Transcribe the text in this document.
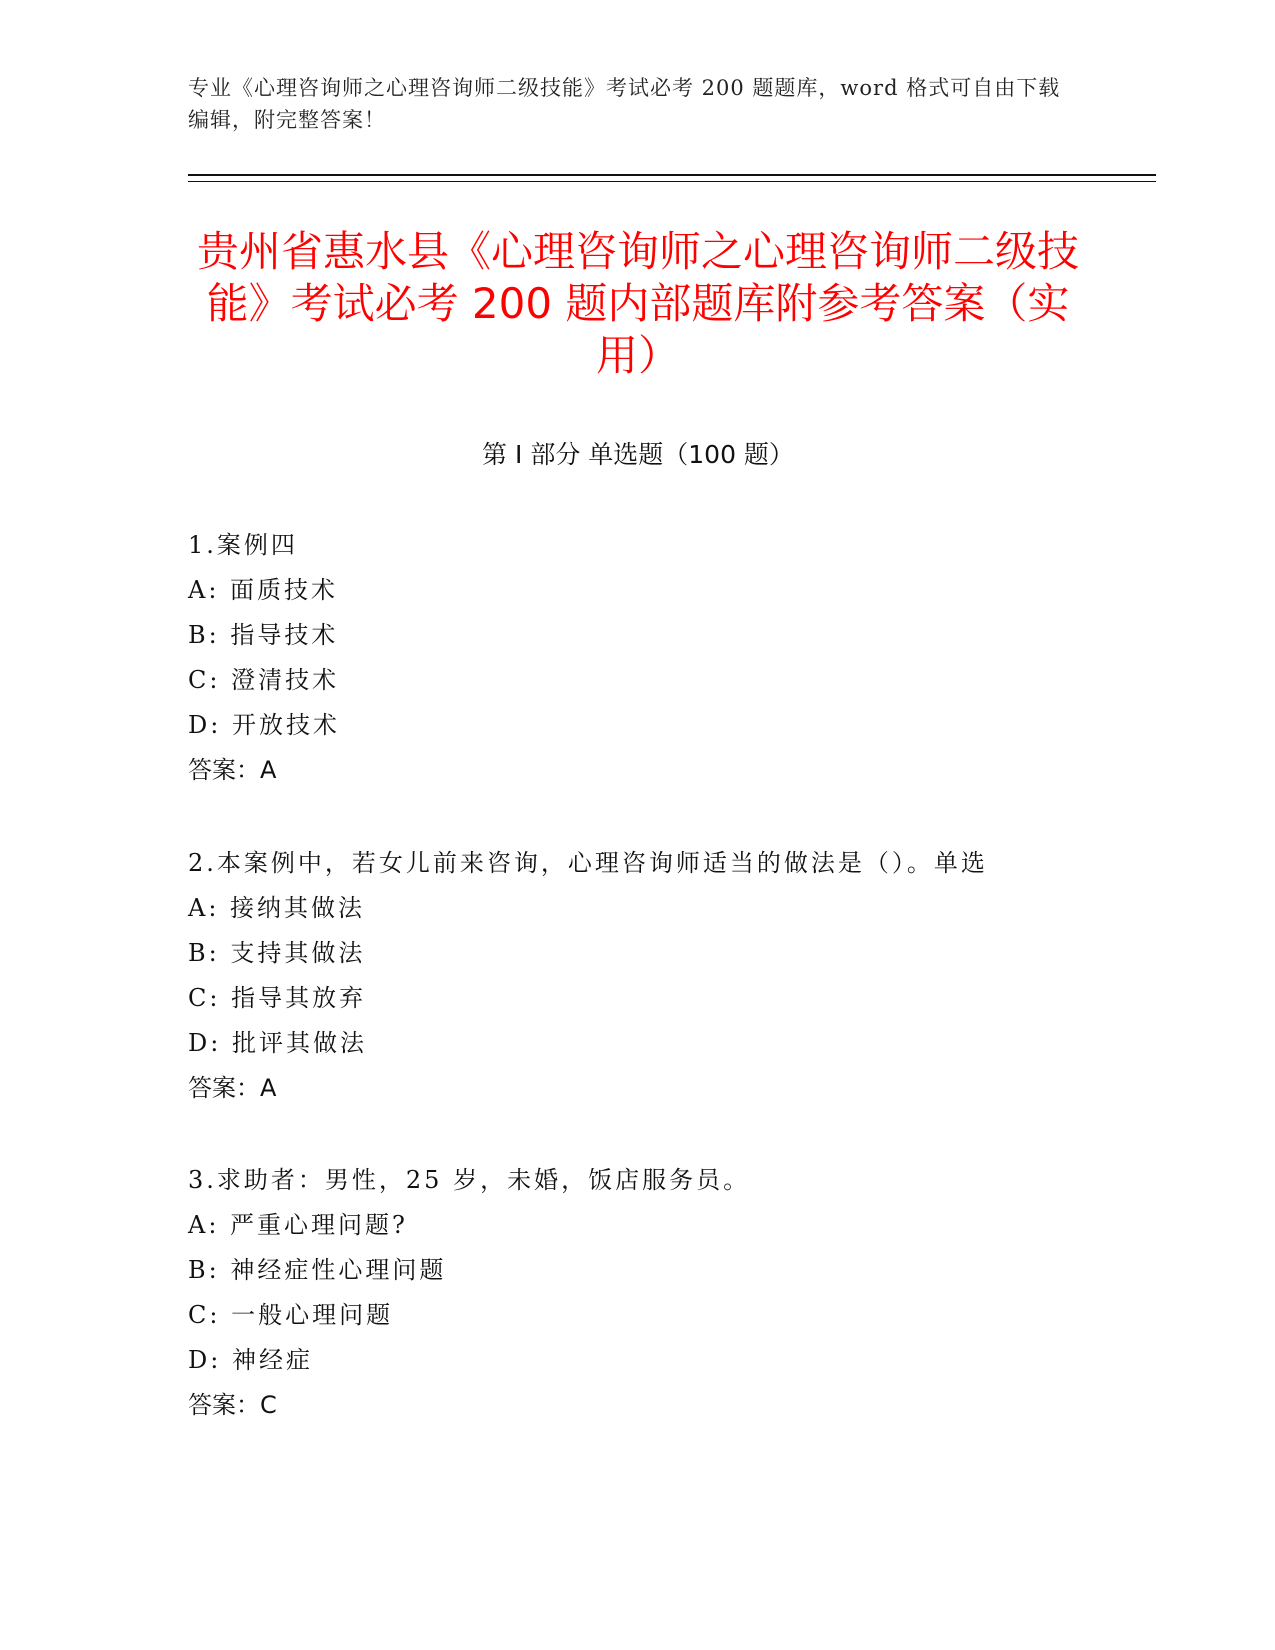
专业《心理咨询师之心理咨询师二级技能》考试必考 200 题题库，word 格式可自由下载编辑，附完整答案！
贵州省惠水县《心理咨询师之心理咨询师二级技能》考试必考 200 题内部题库附参考答案（实用）
第 I 部分 单选题（100 题）
1.案例四
A: 面质技术
B: 指导技术
C: 澄清技术
D: 开放技术
答案：A
2.本案例中，若女儿前来咨询，心理咨询师适当的做法是（）。单选
A: 接纳其做法
B: 支持其做法
C: 指导其放弃
D: 批评其做法
答案：A
3.求助者：男性，25 岁，未婚，饭店服务员。
A: 严重心理问题?
B: 神经症性心理问题
C: 一般心理问题
D: 神经症
答案：C
